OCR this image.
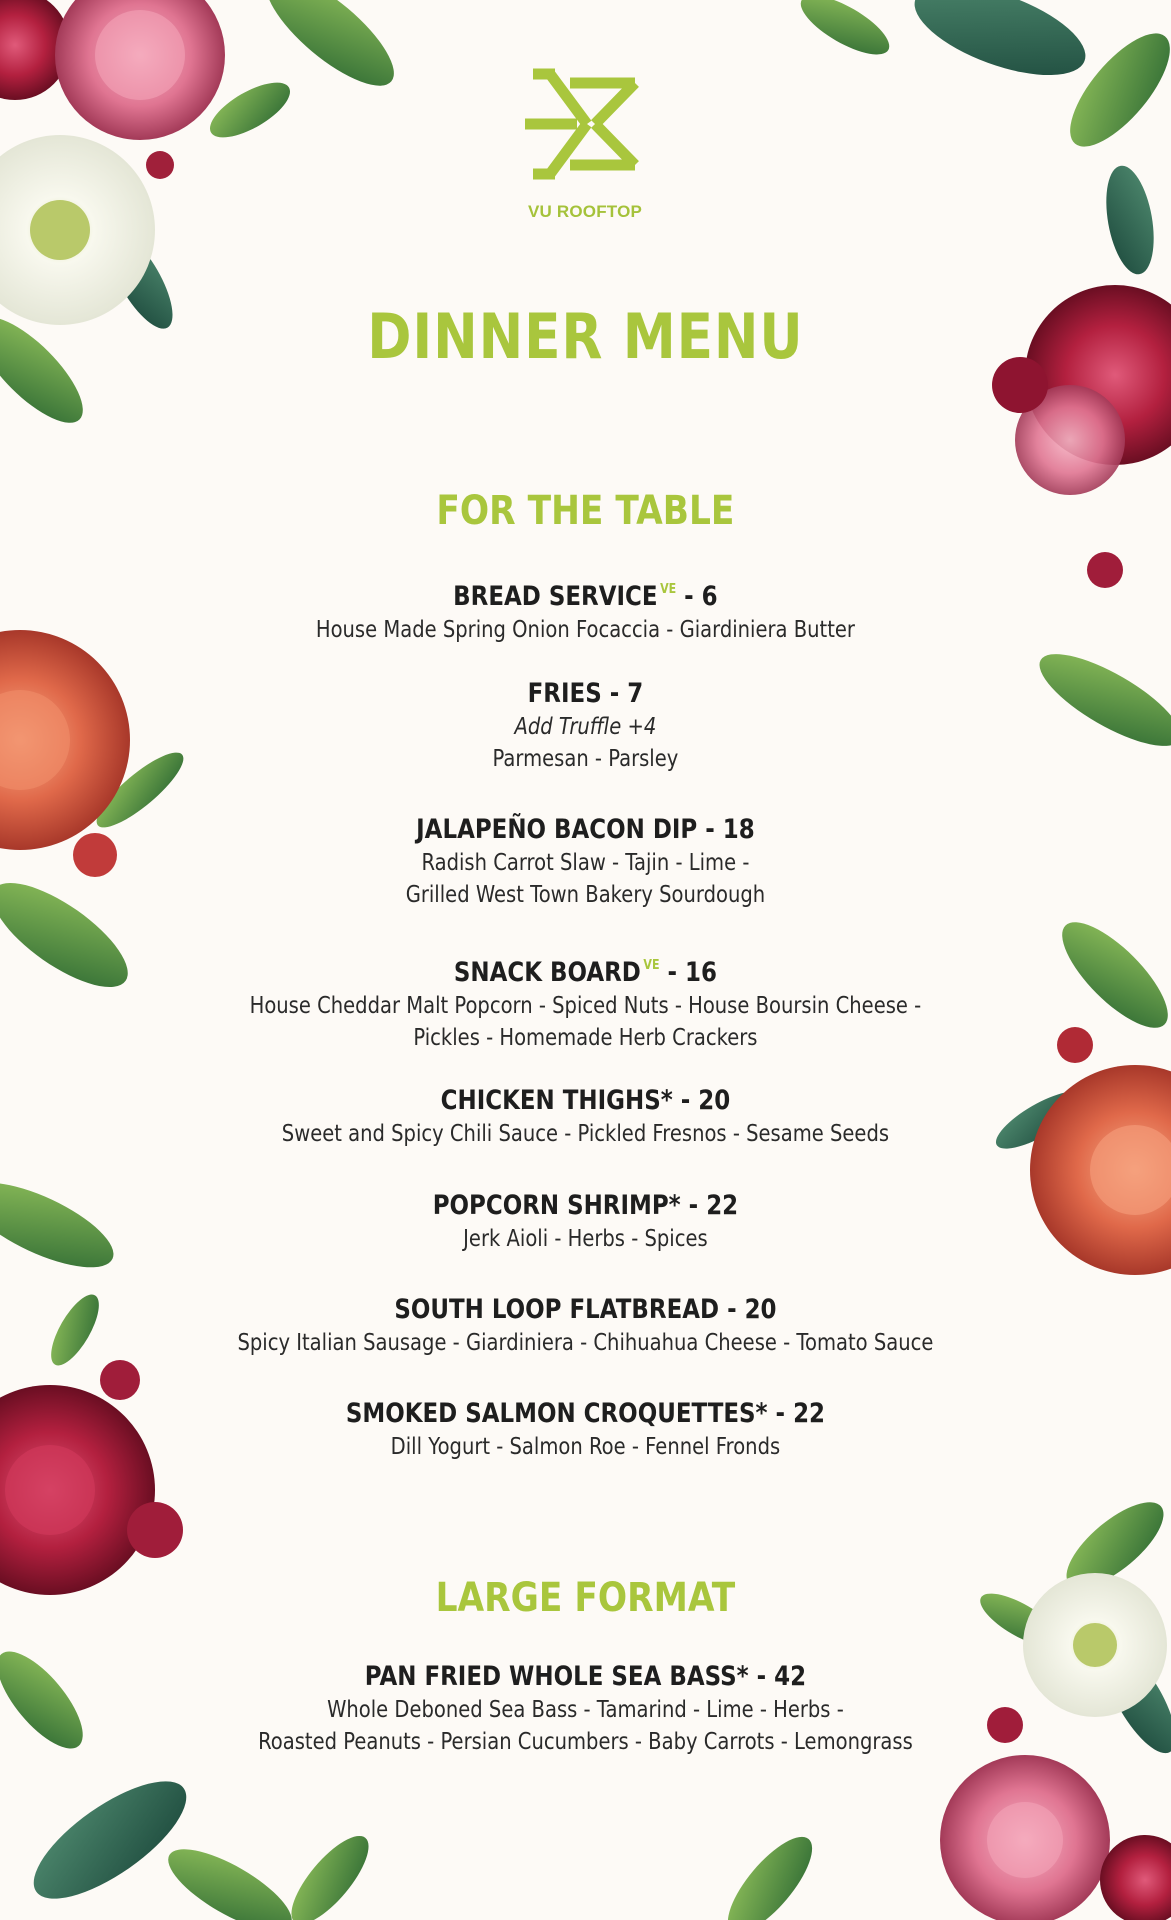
VU ROOFTOP
DINNER MENU
FOR THE TABLE
BREAD SERVICE $^{VE}$ - 6
House Made Spring Onion Focaccia - Giardiniera Butter
FRIES - 7
Add Truffle +4
Parmesan - Parsley
JALAPEÑO BACON DIP - 18
Radish Carrot Slaw - Tajin - Lime -
Grilled West Town Bakery Sourdough
SNACK BOARD $^{VE}$ - 16
House Cheddar Malt Popcorn - Spiced Nuts - House Boursin Cheese -
Pickles - Homemade Herb Crackers
CHICKEN THIGHS* - 20
Sweet and Spicy Chili Sauce - Pickled Fresnos - Sesame Seeds
POPCORN SHRIMP* - 22
Jerk Aioli - Herbs - Spices
SOUTH LOOP FLATBREAD - 20
Spicy Italian Sausage - Giardiniera - Chihuahua Cheese - Tomato Sauce
SMOKED SALMON CROQUETTES* - 22
Dill Yogurt - Salmon Roe - Fennel Fronds
LARGE FORMAT
PAN FRIED WHOLE SEA BASS* - 42
Whole Deboned Sea Bass - Tamarind - Lime - Herbs -
Roasted Peanuts - Persian Cucumbers - Baby Carrots - Lemongrass
